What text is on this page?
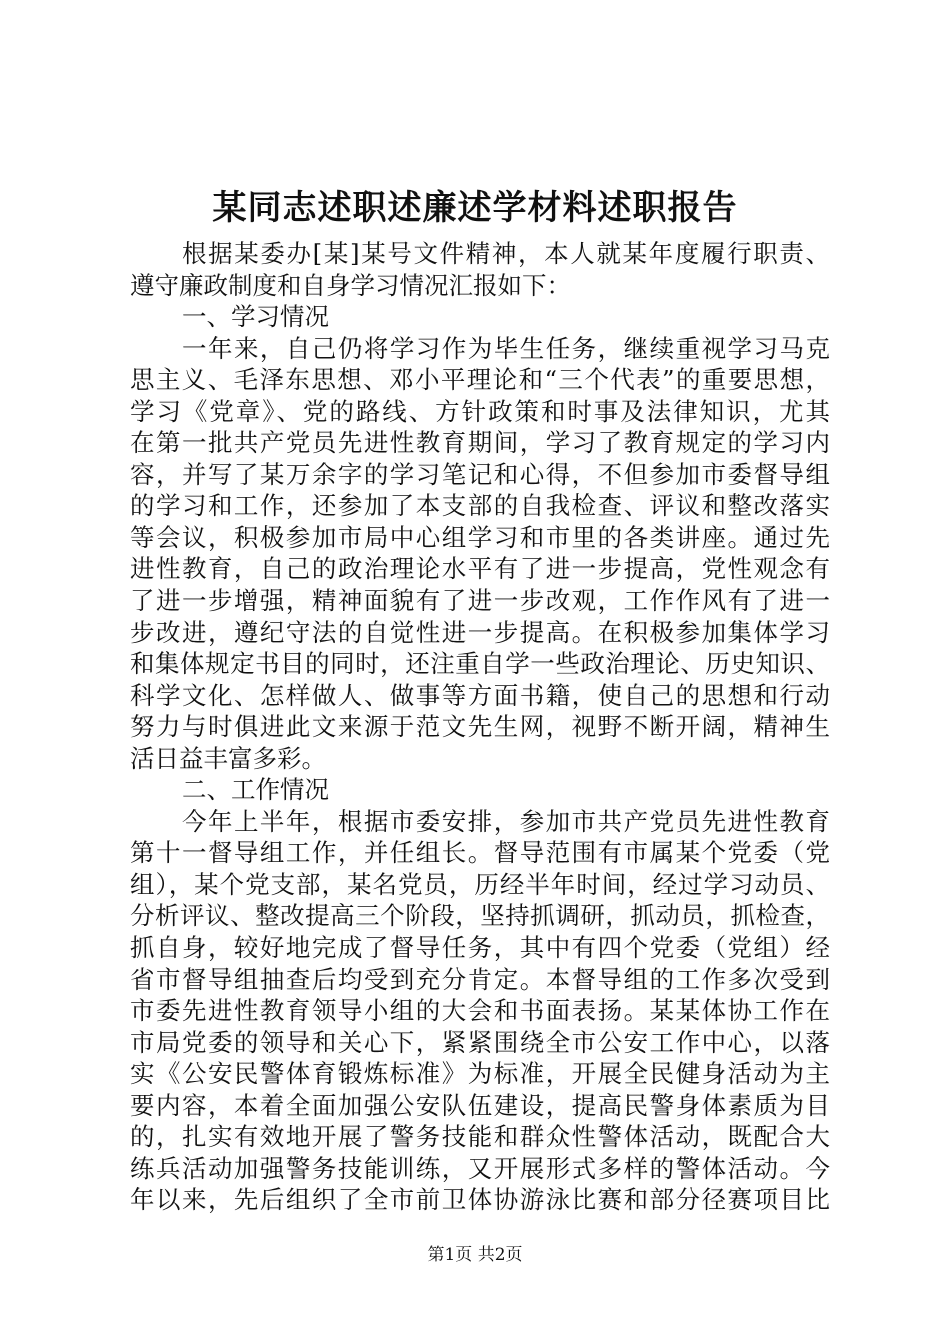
某同志述职述廉述学材料述职报告
根据某委办[某]某号文件精神，本人就某年度履行职责、
遵守廉政制度和自身学习情况汇报如下：
一、学习情况
一年来，自己仍将学习作为毕生任务，继续重视学习马克
思主义、毛泽东思想、邓小平理论和“三个代表”的重要思想，
学习《党章》、党的路线、方针政策和时事及法律知识，尤其
在第一批共产党员先进性教育期间，学习了教育规定的学习内
容，并写了某万余字的学习笔记和心得，不但参加市委督导组
的学习和工作，还参加了本支部的自我检查、评议和整改落实
等会议，积极参加市局中心组学习和市里的各类讲座。通过先
进性教育，自己的政治理论水平有了进一步提高，党性观念有
了进一步增强，精神面貌有了进一步改观，工作作风有了进一
步改进，遵纪守法的自觉性进一步提高。在积极参加集体学习
和集体规定书目的同时，还注重自学一些政治理论、历史知识、
科学文化、怎样做人、做事等方面书籍，使自己的思想和行动
努力与时俱进此文来源于范文先生网，视野不断开阔，精神生
活日益丰富多彩。
二、工作情况
今年上半年，根据市委安排，参加市共产党员先进性教育
第十一督导组工作，并任组长。督导范围有市属某个党委（党
组），某个党支部，某名党员，历经半年时间，经过学习动员、
分析评议、整改提高三个阶段，坚持抓调研，抓动员，抓检查，
抓自身，较好地完成了督导任务，其中有四个党委（党组）经
省市督导组抽查后均受到充分肯定。本督导组的工作多次受到
市委先进性教育领导小组的大会和书面表扬。某某体协工作在
市局党委的领导和关心下，紧紧围绕全市公安工作中心，以落
实《公安民警体育锻炼标准》为标准，开展全民健身活动为主
要内容，本着全面加强公安队伍建设，提高民警身体素质为目
的，扎实有效地开展了警务技能和群众性警体活动，既配合大
练兵活动加强警务技能训练，又开展形式多样的警体活动。今
年以来，先后组织了全市前卫体协游泳比赛和部分径赛项目比
第1页 共2页
